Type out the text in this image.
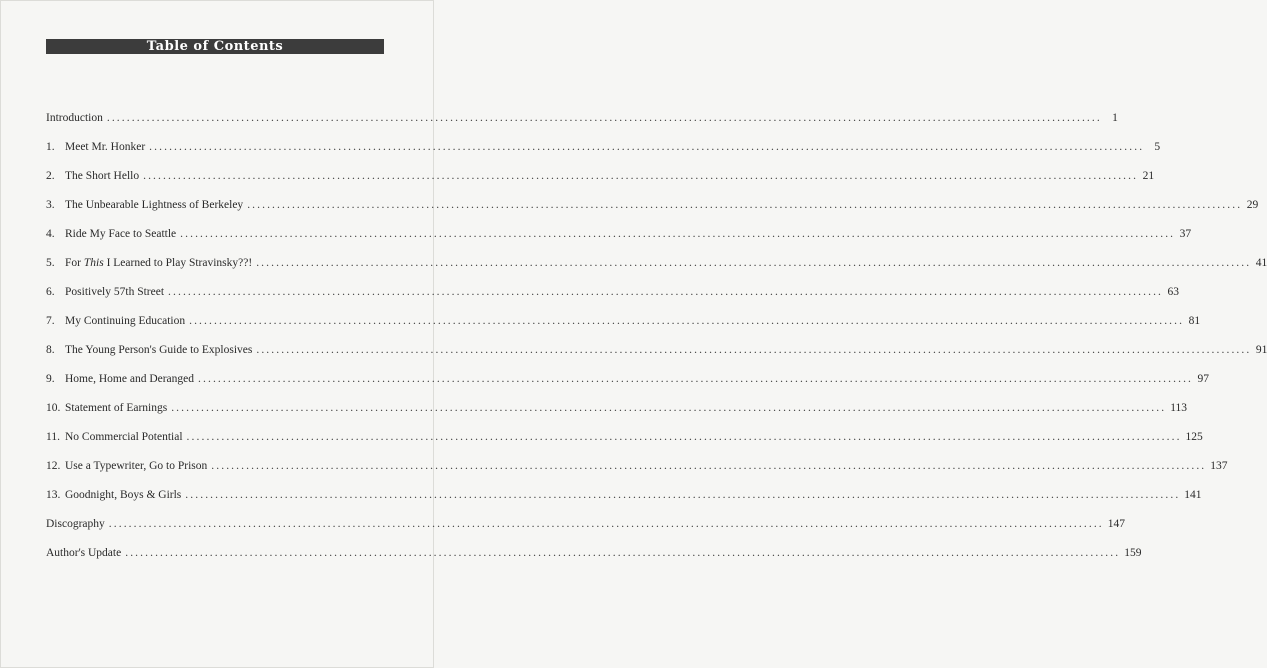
Table of Contents
Introduction ........................................................................................................................................................................................................ 1
1. Meet Mr. Honker ........................................................................................................................................................................................................ 5
2. The Short Hello ........................................................................................................................................................................................................ 21
3. The Unbearable Lightness of Berkeley ........................................................................................................................................................................................................ 29
4. Ride My Face to Seattle ........................................................................................................................................................................................................ 37
5. For This I Learned to Play Stravinsky??! ........................................................................................................................................................................................................ 41
6. Positively 57th Street ........................................................................................................................................................................................................ 63
7. My Continuing Education ........................................................................................................................................................................................................ 81
8. The Young Person's Guide to Explosives ........................................................................................................................................................................................................ 91
9. Home, Home and Deranged ........................................................................................................................................................................................................ 97
10. Statement of Earnings ........................................................................................................................................................................................................ 113
11. No Commercial Potential ........................................................................................................................................................................................................ 125
12. Use a Typewriter, Go to Prison ........................................................................................................................................................................................................ 137
13. Goodnight, Boys & Girls ........................................................................................................................................................................................................ 141
Discography ........................................................................................................................................................................................................ 147
Author's Update ........................................................................................................................................................................................................ 159
